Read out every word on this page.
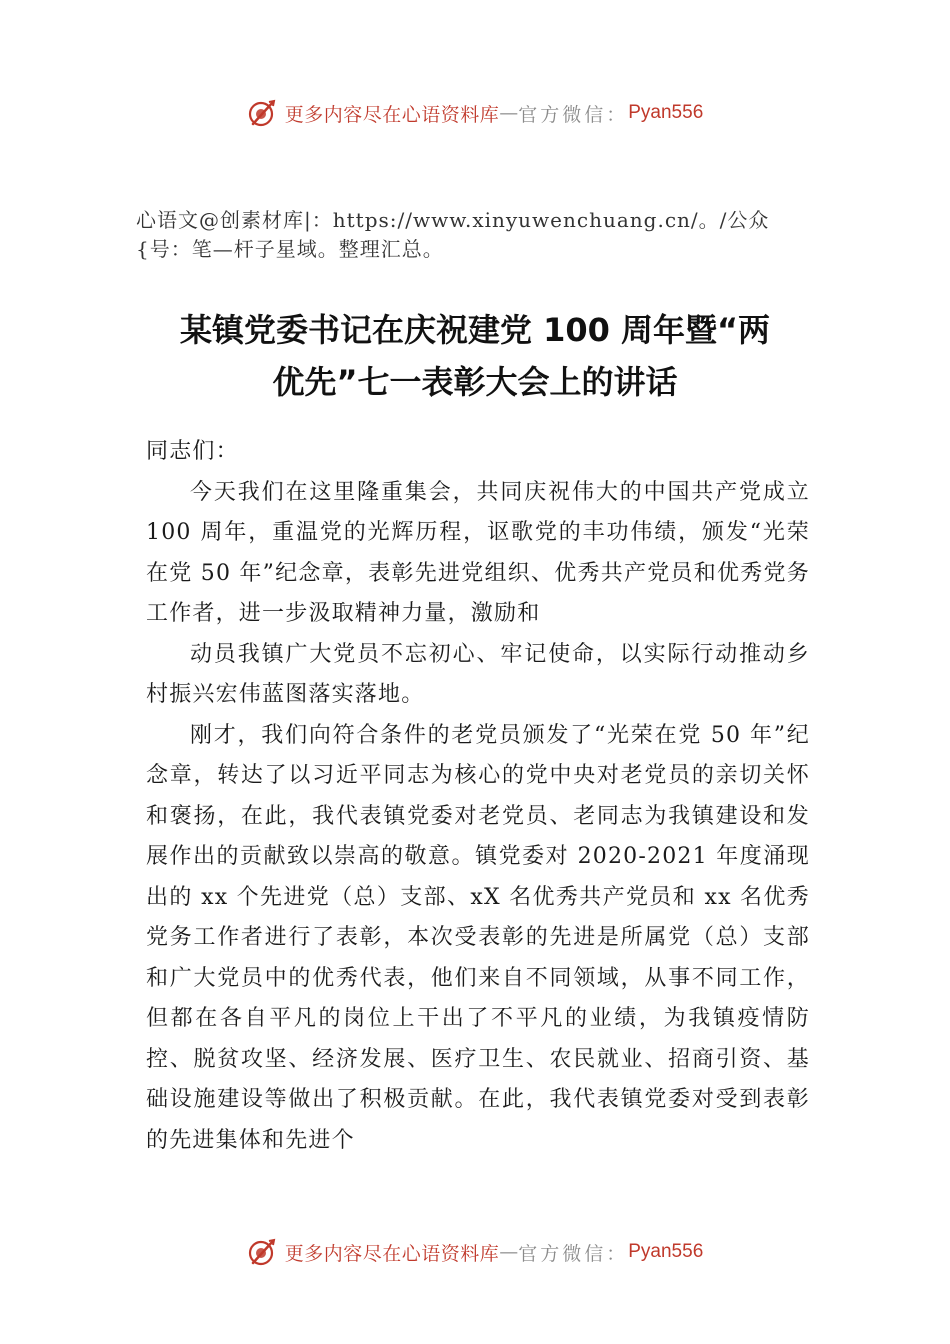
更多内容尽在心语资料库 — 官方微信： Pyan556
心语文@创素材库|：https://www.xinyuwenchuang.cn/。/公众
{号：笔—杆子星域。整理汇总。
某镇党委书记在庆祝建党 100 周年暨“两
优先”七一表彰大会上的讲话

同志们：

今天我们在这里隆重集会，共同庆祝伟大的中国共产党成立 100 周年，重温党的光辉历程，讴歌党的丰功伟绩，颁发“光荣在党 50 年”纪念章，表彰先进党组织、优秀共产党员和优秀党务工作者，进一步汲取精神力量，激励和

动员我镇广大党员不忘初心、牢记使命，以实际行动推动乡村振兴宏伟蓝图落实落地。

刚才，我们向符合条件的老党员颁发了“光荣在党 50 年”纪念章，转达了以习近平同志为核心的党中央对老党员的亲切关怀和褒扬，在此，我代表镇党委对老党员、老同志为我镇建设和发展作出的贡献致以崇高的敬意。镇党委对 2020-2021 年度涌现出的 xx 个先进党（总）支部、xX 名优秀共产党员和 xx 名优秀党务工作者进行了表彰，本次受表彰的先进是所属党（总）支部和广大党员中的优秀代表，他们来自不同领域，从事不同工作，但都在各自平凡的岗位上干出了不平凡的业绩，为我镇疫情防控、脱贫攻坚、经济发展、医疗卫生、农民就业、招商引资、基础设施建设等做出了积极贡献。在此，我代表镇党委对受到表彰的先进集体和先进个

更多内容尽在心语资料库 — 官方微信： Pyan556
